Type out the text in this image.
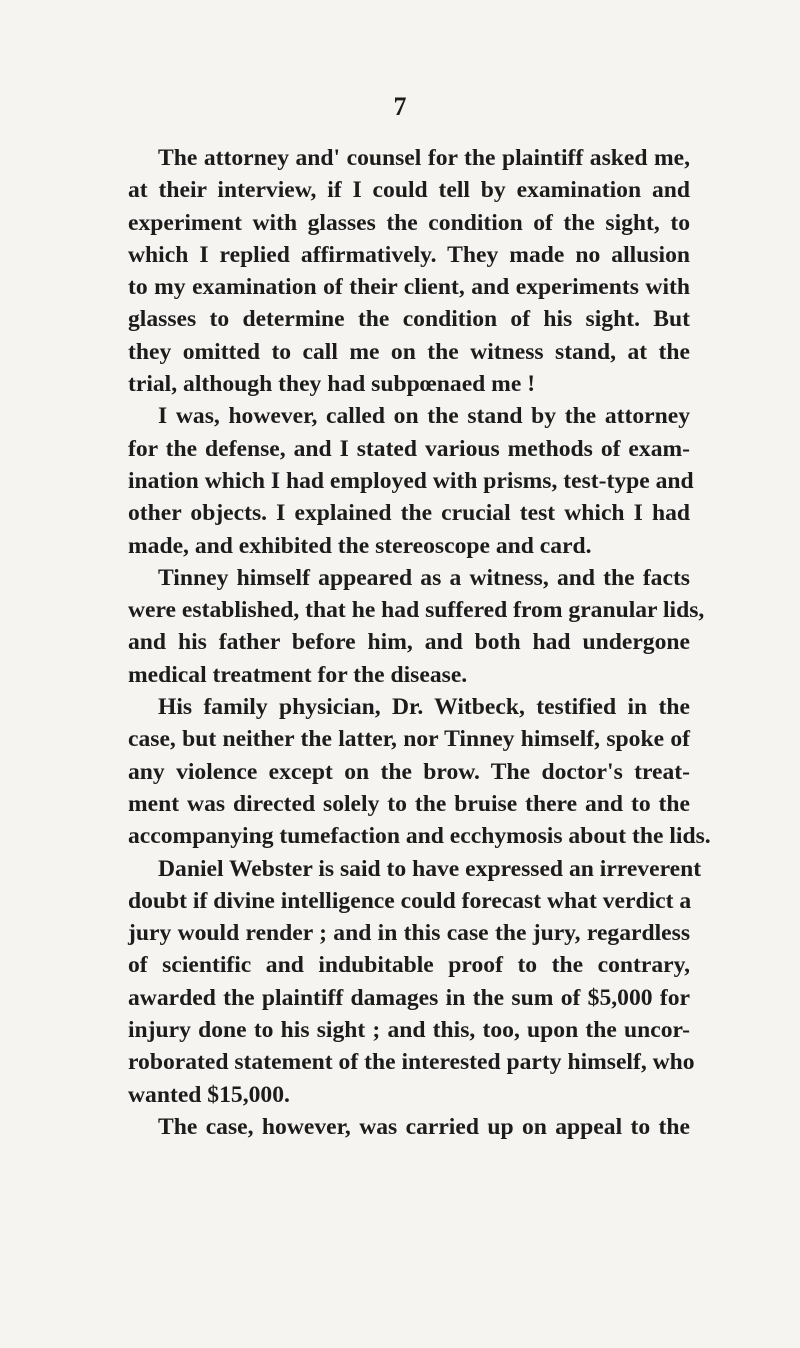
7

The attorney and' counsel for the plaintiff asked me,
at their interview, if I could tell by examination and
experiment with glasses the condition of the sight, to
which I replied affirmatively. They made no allusion
to my examination of their client, and experiments with
glasses to determine the condition of his sight. But
they omitted to call me on the witness stand, at the
trial, although they had subpœnaed me !
I was, however, called on the stand by the attorney
for the defense, and I stated various methods of exam-
ination which I had employed with prisms, test-type and
other objects. I explained the crucial test which I had
made, and exhibited the stereoscope and card.
Tinney himself appeared as a witness, and the facts
were established, that he had suffered from granular lids,
and his father before him, and both had undergone
medical treatment for the disease.
His family physician, Dr. Witbeck, testified in the
case, but neither the latter, nor Tinney himself, spoke of
any violence except on the brow. The doctor's treat-
ment was directed solely to the bruise there and to the
accompanying tumefaction and ecchymosis about the lids.
Daniel Webster is said to have expressed an irreverent
doubt if divine intelligence could forecast what verdict a
jury would render ; and in this case the jury, regardless
of scientific and indubitable proof to the contrary,
awarded the plaintiff damages in the sum of $5,000 for
injury done to his sight ; and this, too, upon the uncor-
roborated statement of the interested party himself, who
wanted $15,000.
The case, however, was carried up on appeal to the
